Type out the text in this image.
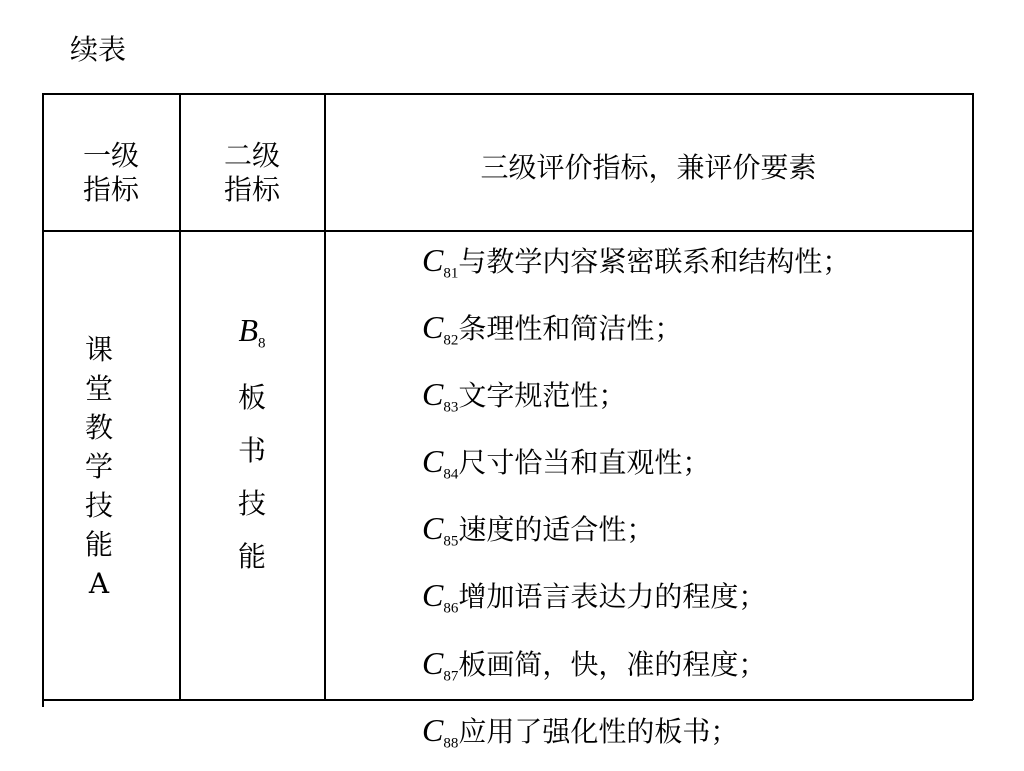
续表
一级
指标
二级
指标
三级评价指标，兼评价要素
课堂教学技能A
$B_8$
板
书
技
能
$C_{81}$与教学内容紧密联系和结构性；
$C_{82}$条理性和简洁性；
$C_{83}$文字规范性；
$C_{84}$尺寸恰当和直观性；
$C_{85}$速度的适合性；
$C_{86}$增加语言表达力的程度；
$C_{87}$板画简，快，准的程度；
$C_{88}$应用了强化性的板书；
